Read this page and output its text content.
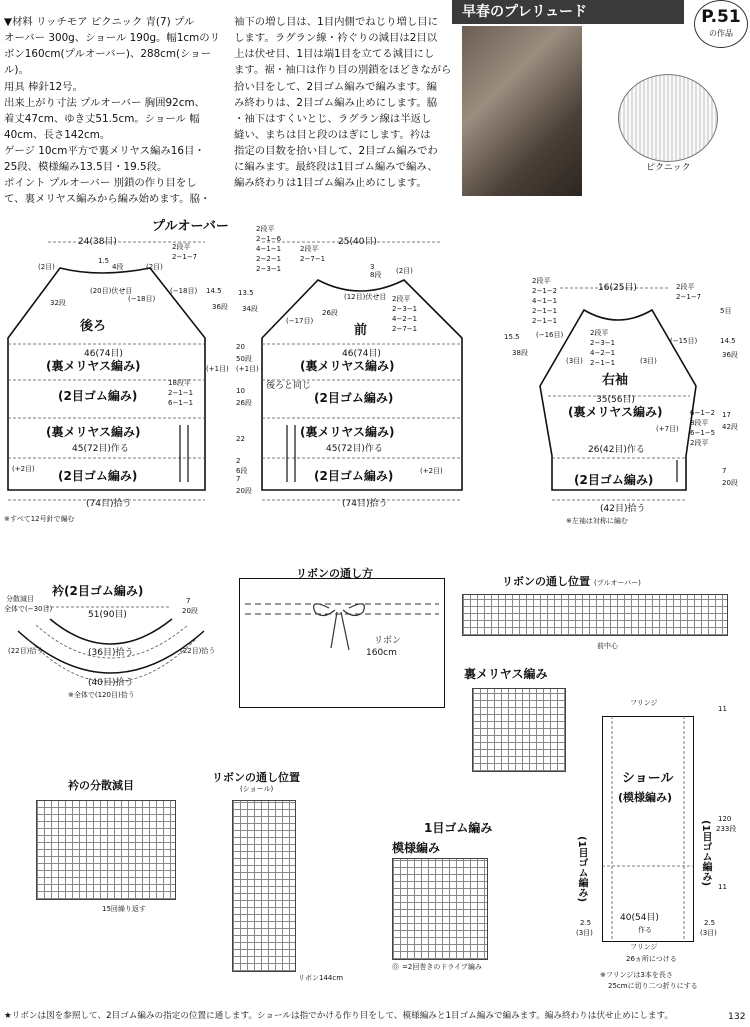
▼材料 リッチモア ピクニック 青(7) プル

オーバー 300g、ショール 190g。幅1cmのリ

ボン160cm(プルオーバー)、288cm(ショール)。

用具 棒針12号。

出来上がり寸法 プルオーバー 胸囲92cm、

着丈47cm、ゆき丈51.5cm。ショール 幅

40cm、長さ142cm。

ゲージ 10cm平方で裏メリヤス編み16目・

25段、模様編み13.5目・19.5段。

ポイント プルオーバー 別鎖の作り目をし

て、裏メリヤス編みから編み始めます。脇・

袖下の増し目は、1目内側でねじり増し目に

します。ラグラン線・衿ぐりの減目は2目以

上は伏せ目、1目は端1目を立てる減目にし

ます。裾・袖口は作り目の別鎖をほどきながら

拾い目をして、2目ゴム編みで編みます。編

み終わりは、2目ゴム編み止めにします。脇

・袖下はすくいとじ、ラグラン線は半返し

縫い、まちは目と段のはぎにします。衿は

指定の目数を拾い目して、2目ゴム編みでわ

に編みます。最終段は1目ゴム編みで編み、

編み終わりは1目ゴム編み止めにします。

早春のプレリュード	P.51
の作品
ピクニック
プルオーバー
24(38目)
後ろ
46(74目)
(裏メリヤス編み)
(2目ゴム編み)
(裏メリヤス編み)
45(72目)作る
(2目ゴム編み)
(74目)拾う
※すべて12号針で編む
(2目)
1.5
4段	(2目)
(20目)伏せ目
32段
(−18目) 14.5
36段
18段平
2−1−1
6−1−1
(+1目)
(+2目)
2段平
2−1−7
(−18目)
25(40目)
前
46(74目)
(裏メリヤス編み)
後ろと同じ
(2目ゴム編み)
(裏メリヤス編み)
45(72目)作る
(2目ゴム編み)
(74目)拾う
2段平
2−1−6
4−1−1
2−2−1
2−3−1
2段平
2−7−1
3
8段 (2目)
(12目)伏せ目
13.5
34段	26段
(−17目)
2段平
2−3−1
4−2−1
2−7−1
20
50段
10
26段
22
2
6段
7
20段
(+1目)
(+2目)
16(25目)
右袖
35(56目)
(裏メリヤス編み)
26(42目)作る
(2目ゴム編み)
(42目)拾う
※左袖は対称に編む
2段平
2−1−2
4−1−1
2−1−1
2−1−1
(−16目)
15.5
38段
2段平
2−3−1
4−2−1
2−1−1
(3目)	(3目)
2段平
2−1−7
(−15目)
5目
14.5
36段
(+7目) 6−1−5
8段平
2段平
6−1−2 17
42段
7
20段
衿(2目ゴム編み)
分散減目
全体で(−30目)
51(90目)
7
20段
(22目)拾う	(36目)拾う	(22目)拾う
(40目)拾う
※全体で(120目)拾う
リボンの通し方
リボン
160cm
リボンの通し位置 (プルオーバー)
前中心
裏メリヤス編み
衿の分散減目
15回繰り返す
リボンの通し位置
(ショール)
リボン144cm
1目ゴム編み
模様編み
Ⓞ =2回巻きのドライブ編み
フリンジ
ショール
(模様編み)
(1目ゴム編み)	(1目ゴム編み)
11
120
233段
11
2.5
(3目)
2.5
(3目)
40(54目)
作る
フリンジ
26ヵ所につける
※フリンジは3本を長さ
25cmに切り二つ折りにする
★リボンは図を参照して、2目ゴム編みの指定の位置に通します。ショールは指でかける作り目をして、模様編みと1目ゴム編みで編みます。編み終わりは伏せ止めにします。	132
